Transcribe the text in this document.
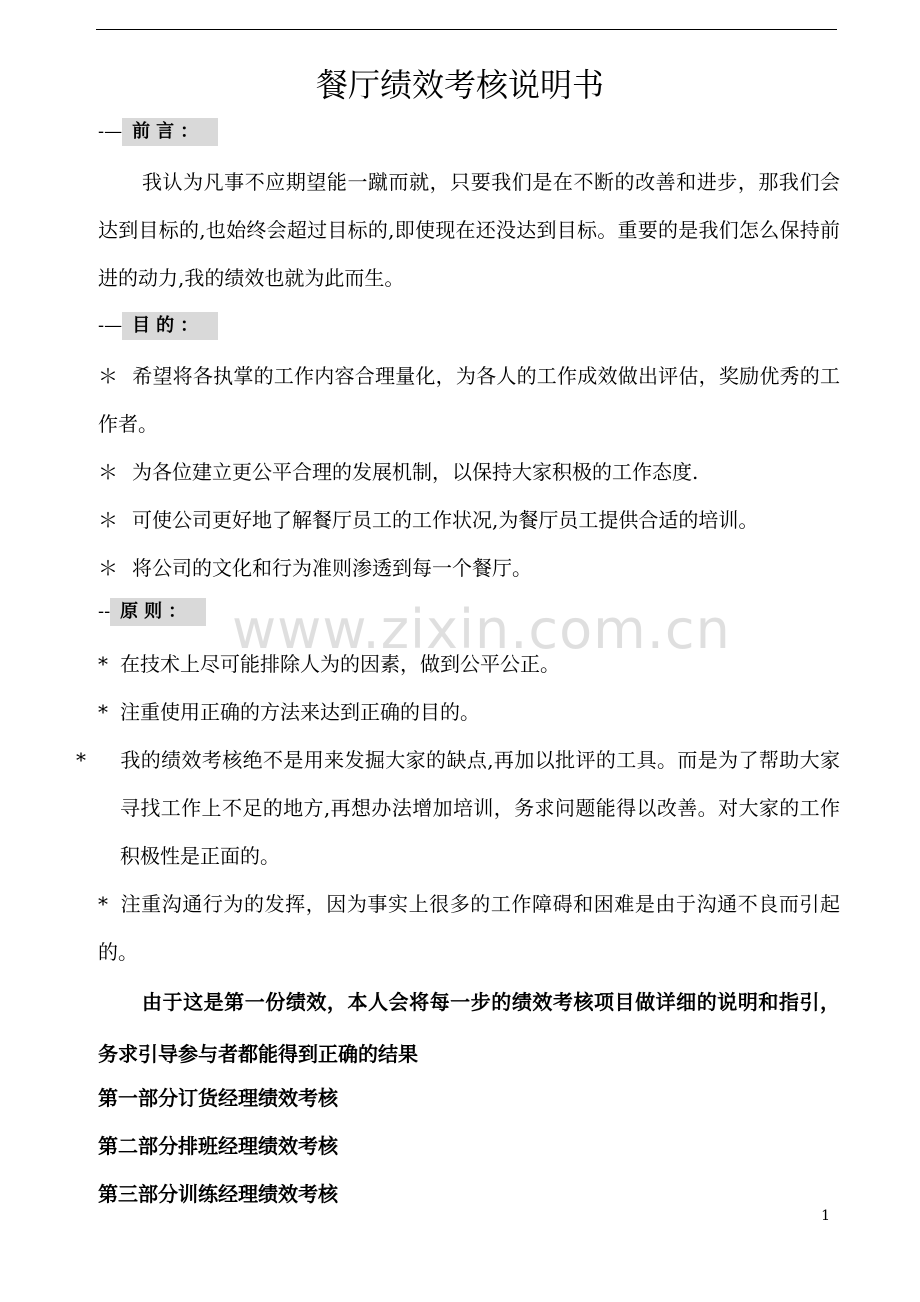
餐厅绩效考核说明书
-— 前言：
我认为凡事不应期望能一蹴而就，只要我们是在不断的改善和进步，那我们会达到目标的,也始终会超过目标的,即使现在还没达到目标。重要的是我们怎么保持前进的动力,我的绩效也就为此而生。
-— 目的：
＊ 希望将各执掌的工作内容合理量化，为各人的工作成效做出评估，奖励优秀的工作者。
＊ 为各位建立更公平合理的发展机制，以保持大家积极的工作态度.
＊ 可使公司更好地了解餐厅员工的工作状况,为餐厅员工提供合适的培训。
＊ 将公司的文化和行为准则渗透到每一个餐厅。
-- 原则：
* 在技术上尽可能排除人为的因素，做到公平公正。
* 注重使用正确的方法来达到正确的目的。
* 我的绩效考核绝不是用来发掘大家的缺点,再加以批评的工具。而是为了帮助大家寻找工作上不足的地方,再想办法增加培训，务求问题能得以改善。对大家的工作积极性是正面的。
* 注重沟通行为的发挥，因为事实上很多的工作障碍和困难是由于沟通不良而引起的。
由于这是第一份绩效，本人会将每一步的绩效考核项目做详细的说明和指引，务求引导参与者都能得到正确的结果
第一部分订货经理绩效考核
第二部分排班经理绩效考核
第三部分训练经理绩效考核
www.zixin.com.cn
1
